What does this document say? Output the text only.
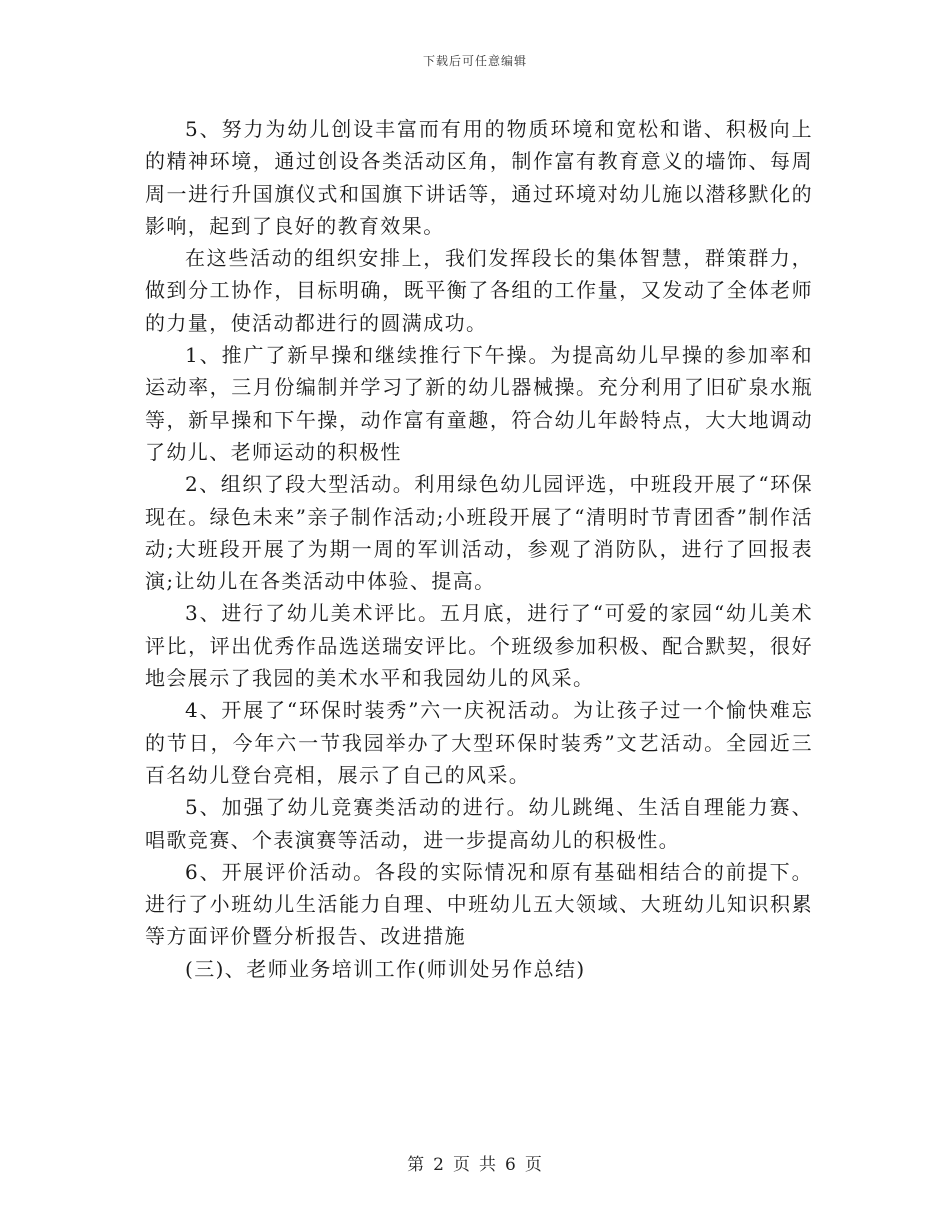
下载后可任意编辑

5、努力为幼儿创设丰富而有用的物质环境和宽松和谐、积极向上的精神环境，通过创设各类活动区角，制作富有教育意义的墙饰、每周周一进行升国旗仪式和国旗下讲话等，通过环境对幼儿施以潜移默化的影响，起到了良好的教育效果。

在这些活动的组织安排上，我们发挥段长的集体智慧，群策群力，做到分工协作，目标明确，既平衡了各组的工作量，又发动了全体老师的力量，使活动都进行的圆满成功。

1、推广了新早操和继续推行下午操。为提高幼儿早操的参加率和运动率，三月份编制并学习了新的幼儿器械操。充分利用了旧矿泉水瓶等，新早操和下午操，动作富有童趣，符合幼儿年龄特点，大大地调动了幼儿、老师运动的积极性

2、组织了段大型活动。利用绿色幼儿园评选，中班段开展了“环保现在。绿色未来”亲子制作活动;小班段开展了“清明时节青团香”制作活动;大班段开展了为期一周的军训活动，参观了消防队，进行了回报表演;让幼儿在各类活动中体验、提高。

3、进行了幼儿美术评比。五月底，进行了“可爱的家园“幼儿美术评比，评出优秀作品选送瑞安评比。个班级参加积极、配合默契，很好地会展示了我园的美术水平和我园幼儿的风采。

4、开展了“环保时装秀”六一庆祝活动。为让孩子过一个愉快难忘的节日，今年六一节我园举办了大型环保时装秀”文艺活动。全园近三百名幼儿登台亮相，展示了自己的风采。

5、加强了幼儿竞赛类活动的进行。幼儿跳绳、生活自理能力赛、唱歌竞赛、个表演赛等活动，进一步提高幼儿的积极性。

6、开展评价活动。各段的实际情况和原有基础相结合的前提下。进行了小班幼儿生活能力自理、中班幼儿五大领域、大班幼儿知识积累等方面评价暨分析报告、改进措施

(三)、老师业务培训工作(师训处另作总结)

第 2 页 共 6 页
